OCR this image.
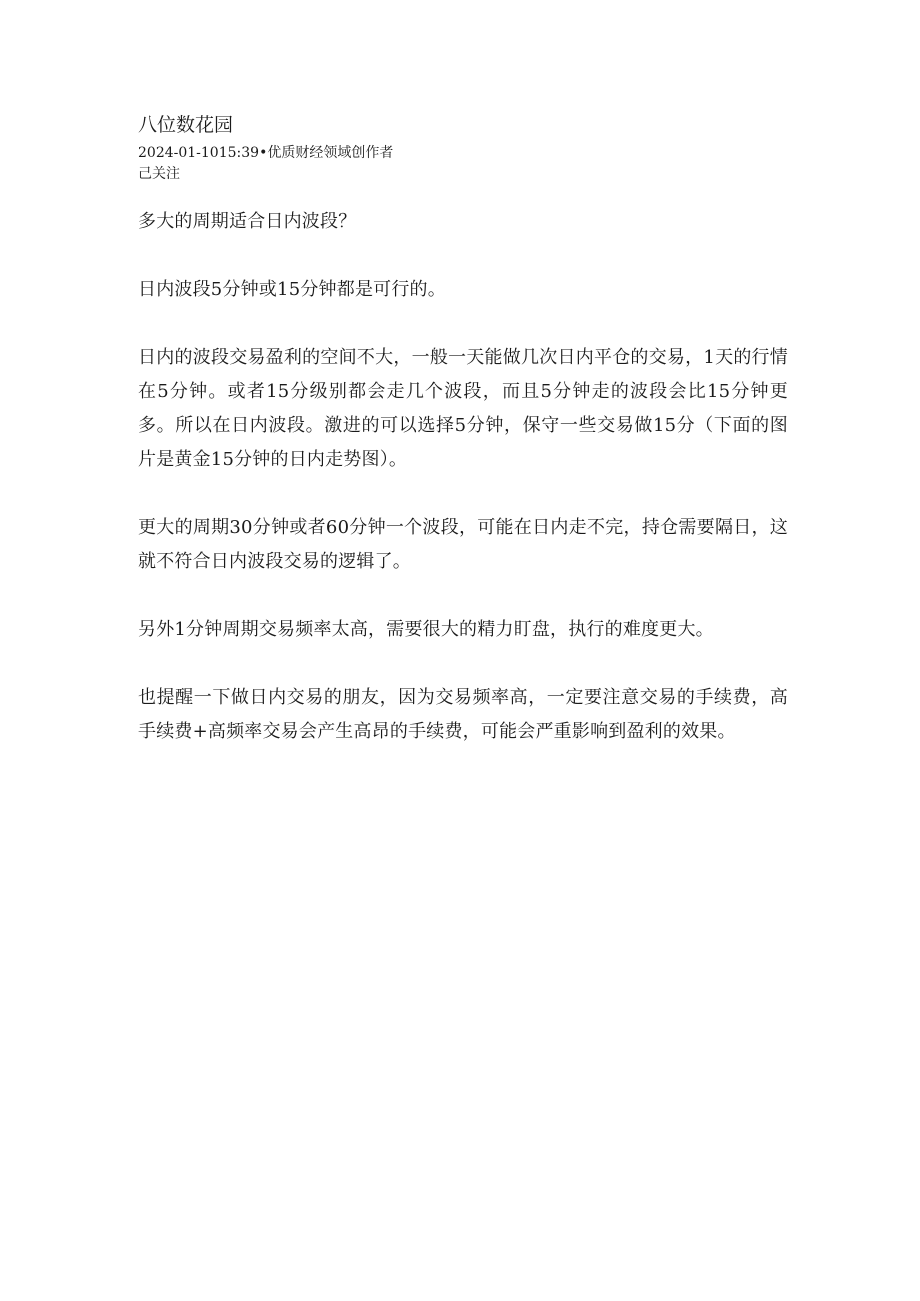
八位数花园
2024-01-1015:39•优质财经领域创作者
己关注

多大的周期适合日内波段？

日内波段5分钟或15分钟都是可行的。

日内的波段交易盈利的空间不大，一般一天能做几次日内平仓的交易，1天的行情在5分钟。或者15分级别都会走几个波段，而且5分钟走的波段会比15分钟更多。所以在日内波段。激进的可以选择5分钟，保守一些交易做15分（下面的图片是黄金15分钟的日内走势图）。

更大的周期30分钟或者60分钟一个波段，可能在日内走不完，持仓需要隔日，这就不符合日内波段交易的逻辑了。

另外1分钟周期交易频率太高，需要很大的精力盯盘，执行的难度更大。

也提醒一下做日内交易的朋友，因为交易频率高，一定要注意交易的手续费，高手续费+高频率交易会产生高昂的手续费，可能会严重影响到盈利的效果。
